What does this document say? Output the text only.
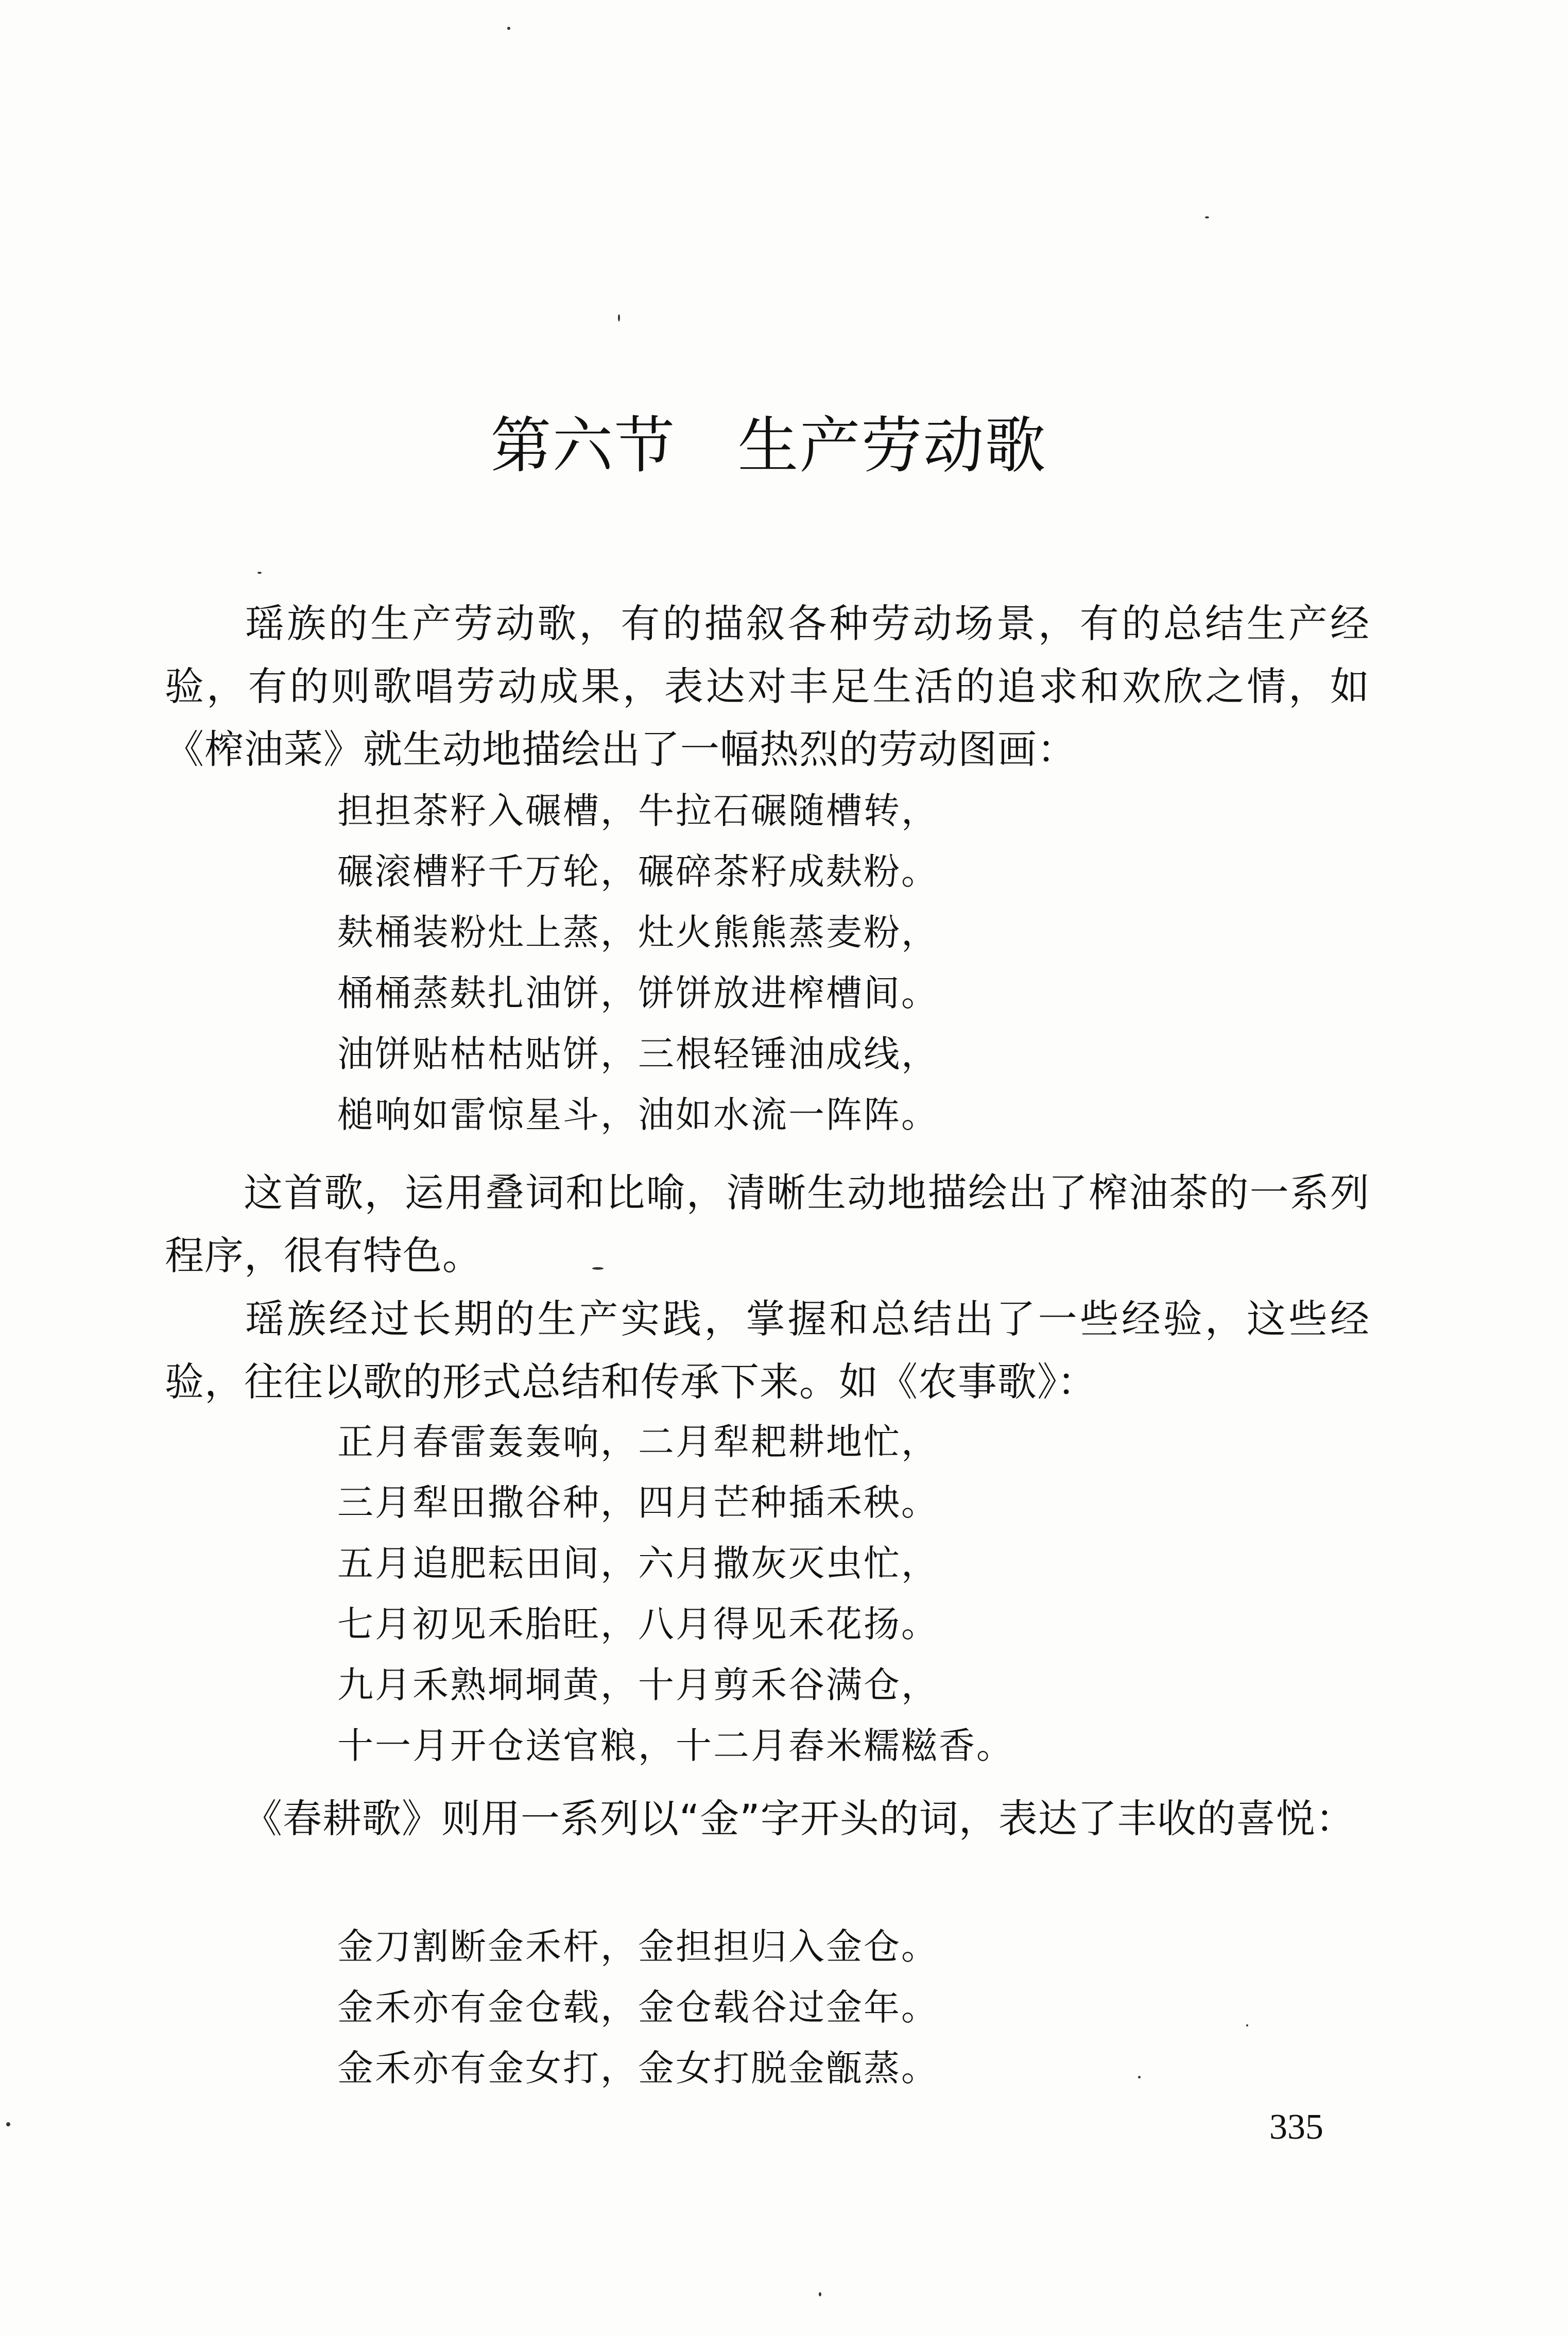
第六节 生产劳动歌

瑶族的生产劳动歌，有的描叙各种劳动场景，有的总结生产经验，有的则歌唱劳动成果，表达对丰足生活的追求和欢欣之情，如《榨油菜》就生动地描绘出了一幅热烈的劳动图画：

担担茶籽入碾槽，牛拉石碾随槽转，
碾滚槽籽千万轮，碾碎茶籽成麸粉。
麸桶装粉灶上蒸，灶火熊熊蒸麦粉，
桶桶蒸麸扎油饼，饼饼放进榨槽间。
油饼贴枯枯贴饼，三根轻锤油成线，
槌响如雷惊星斗，油如水流一阵阵。

这首歌，运用叠词和比喻，清晰生动地描绘出了榨油茶的一系列程序，很有特色。

瑶族经过长期的生产实践，掌握和总结出了一些经验，这些经验，往往以歌的形式总结和传承下来。如《农事歌》：

正月春雷轰轰响，二月犁耙耕地忙，
三月犁田撒谷种，四月芒种插禾秧。
五月追肥耘田间，六月撒灰灭虫忙，
七月初见禾胎旺，八月得见禾花扬。
九月禾熟垌垌黄，十月剪禾谷满仓，
十一月开仓送官粮，十二月舂米糯糍香。

《春耕歌》则用一系列以“金”字开头的词，表达了丰收的喜悦：

金刀割断金禾杆，金担担归入金仓。
金禾亦有金仓载，金仓载谷过金年。
金禾亦有金女打，金女打脱金甑蒸。

335
